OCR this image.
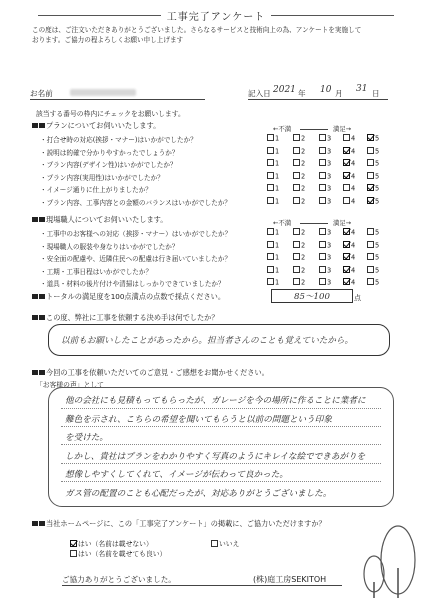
工事完了アンケート
この度は、ご注文いただきありがとうございました。さらなるサービスと技術向上の為、アンケートを実施して
おります。ご協力の程よろしくお願い申し上げます
お名前	記入日 2021 年 10 月 31 日
該当する番号の枠内にチェックをお願いします。
プランについてお伺いいたします。	←不満	満足→
・打合せ時の対応(挨拶・マナー)はいかがでしたか？	1	2	3	4	5
・説明は的確で分かりやすかったでしょうか？	1	2	3	4	5
・プラン内容(デザイン性)はいかがでしたか？	1	2	3	4	5
・プラン内容(実用性)はいかがでしたか？	1	2	3	4	5
・イメージ通りに仕上がりましたか？	1	2	3	4	5
・プラン内容、工事内容との金額のバランスはいかがでしたか？	1	2	3	4	5
現場職人についてお伺いいたします。	←不満	満足→
・工事中のお客様への対応（挨拶・マナー）はいかがでしたか？	1	2	3	4	5
・現場職人の服装や身なりはいかがでしたか？	1	2	3	4	5
・安全面の配慮や、近隣住民への配慮は行き届いていましたか？	1	2	3	4	5
・工期・工事日程はいかがでしたか？	1	2	3	4	5
・道具・材料の後片付けや清掃はしっかりできていましたか？	1	2	3	4	5
トータルの満足度を100点満点の点数で採点ください。	85～100	点
この度、弊社に工事を依頼する決め手は何でしたか？
以前もお願いしたことがあったから。担当者さんのことも覚えていたから。
今回の工事を依頼いただいてのご意見・ご感想をお聞かせください。
「お客様の声」として
他の会社にも見積もってもらったが、ガレージを今の場所に作ることに業者に
難色を示され、こちらの希望を聞いてもらうと以前の問題という印象
を受けた。
しかし、貴社はプランをわかりやすく写真のようにキレイな絵でできあがりを
想像しやすくしてくれて、イメージが伝わって良かった。
ガス管の配置のことも心配だったが、対応ありがとうございました。
当社ホームページに、この「工事完了アンケート」の掲載に、ご協力いただけますか？
はい（名前は載せない）	いいえ
はい（名前を載せても良い）
ご協力ありがとうございました。	(株)庭工房SEKITOH
